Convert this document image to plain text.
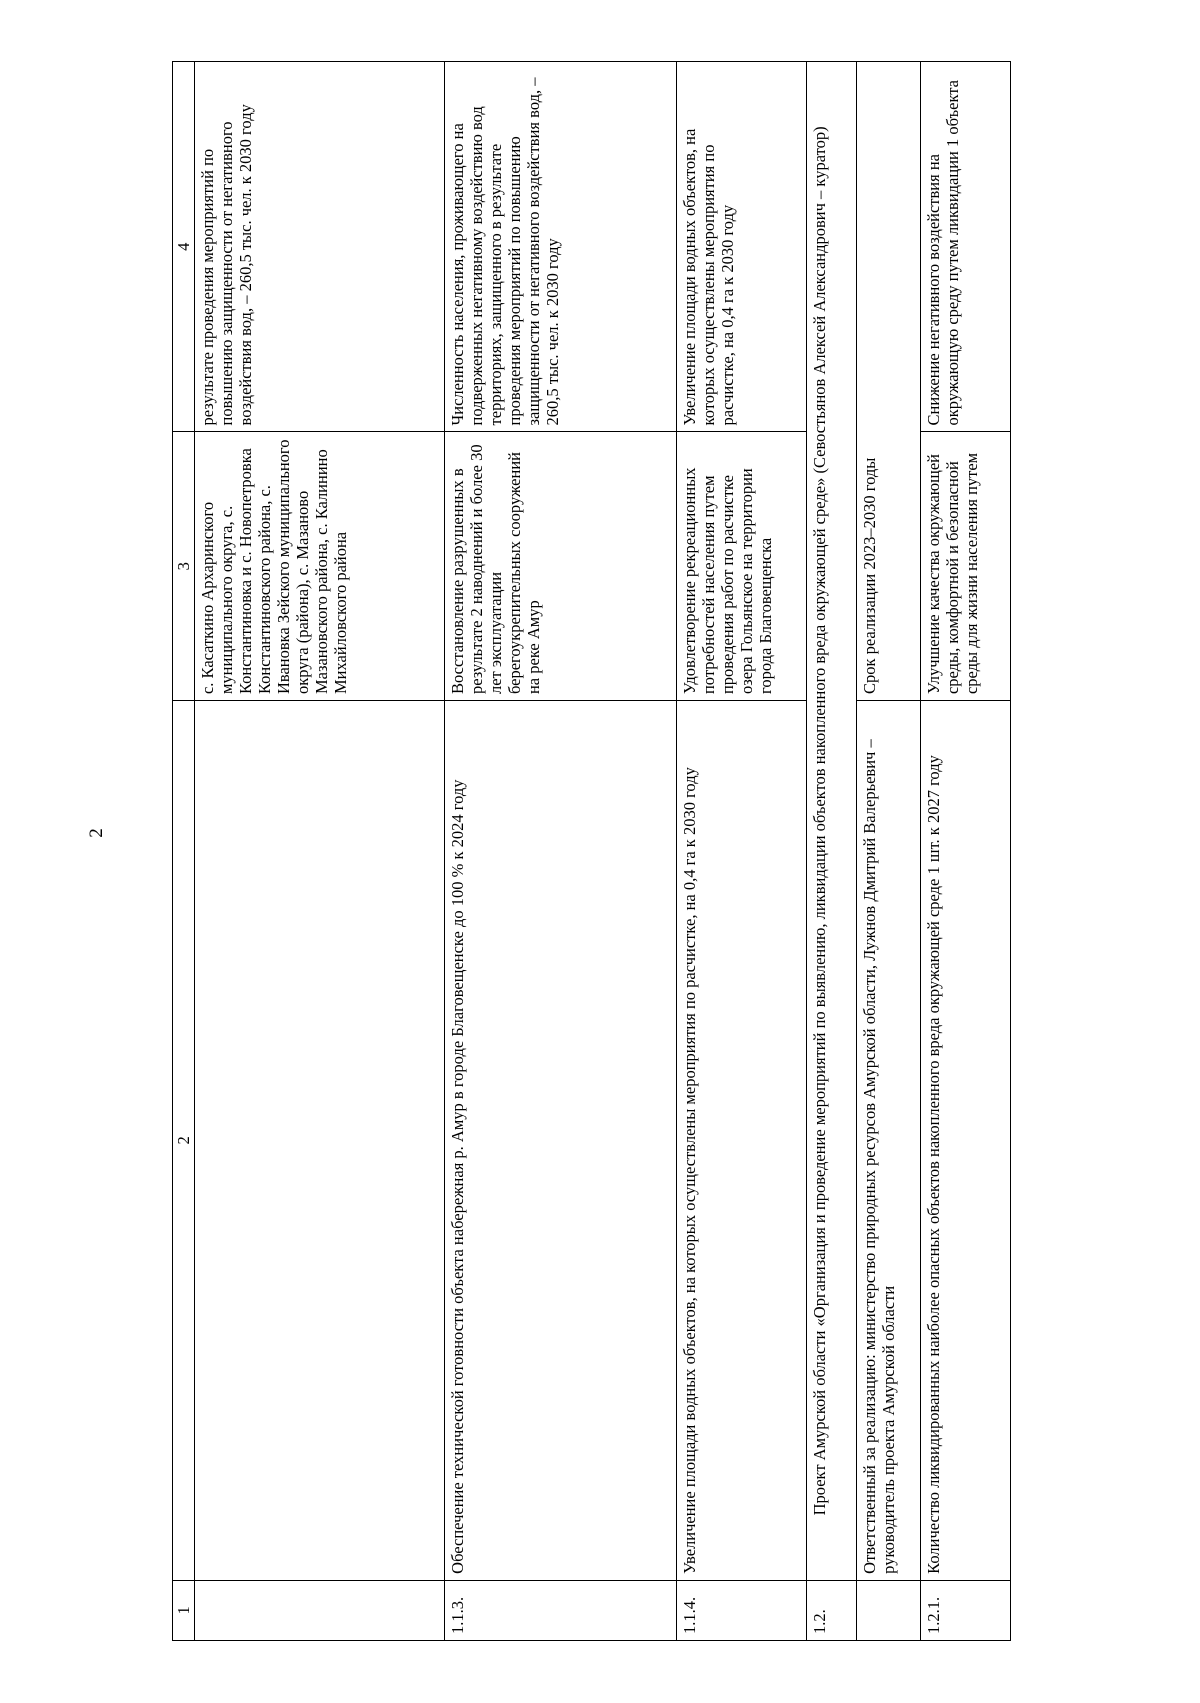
2
1	2	3	4
		с. Касаткино Архаринского муниципального округа, с. Константиновка и с. Новопетровка Константиновского района, с. Ивановка Зейского муниципального округа (района), с. Мазаново Мазановского района, с. Калинино Михайловского района	результате проведения мероприятий по повышению защищенности от негативного воздействия вод, – 260,5 тыс. чел. к 2030 году
1.1.3.	Обеспечение технической готовности объекта набережная р. Амур в городе Благовещенске до 100 % к 2024 году	Восстановление разрушенных в результате 2 наводнений и более 30 лет эксплуатации берегоукрепительных сооружений на реке Амур	Численность населения, проживающего на подверженных негативному воздействию вод территориях, защищенного в результате проведения мероприятий по повышению защищенности от негативного воздействия вод, – 260,5 тыс. чел. к 2030 году
1.1.4.	Увеличение площади водных объектов, на которых осуществлены мероприятия по расчистке, на 0,4 га к 2030 году	Удовлетворение рекреационных потребностей населения путем проведения работ по расчистке озера Гольянское на территории города Благовещенска	Увеличение площади водных объектов, на которых осуществлены мероприятия по расчистке, на 0,4 га к 2030 году
1.2.	Проект Амурской области «Организация и проведение мероприятий по выявлению, ликвидации объектов накопленного вреда окружающей среде» (Севостьянов Алексей Александрович – куратор)		
	Ответственный за реализацию: министерство природных ресурсов Амурской области, Лужнов Дмитрий Валерьевич – руководитель проекта Амурской области	Срок реализации 2023–2030 годы	
1.2.1.	Количество ликвидированных наиболее опасных объектов накопленного вреда окружающей среде 1 шт. к 2027 году	Улучшение качества окружающей среды, комфортной и безопасной среды для жизни населения путем	Снижение негативного воздействия на окружающую среду путем ликвидации 1 объекта
